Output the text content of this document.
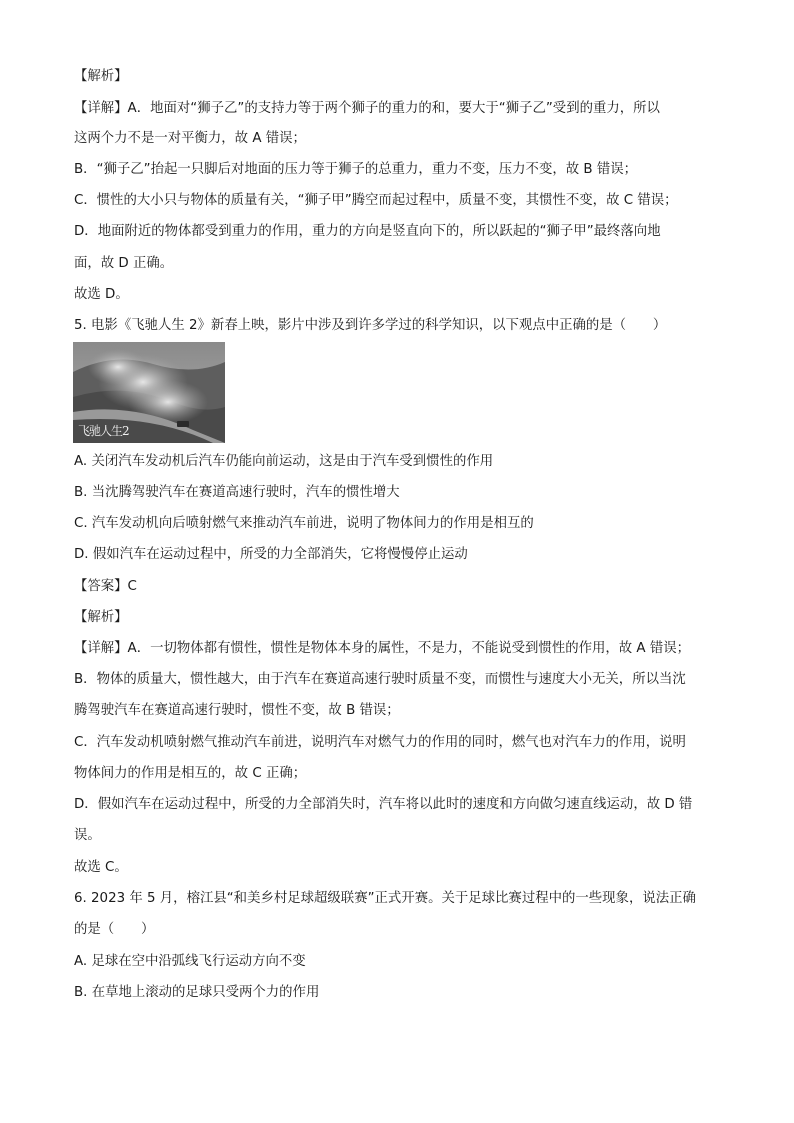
【解析】
【详解】A．地面对“狮子乙”的支持力等于两个狮子的重力的和，要大于“狮子乙”受到的重力，所以
这两个力不是一对平衡力，故 A 错误；
B．“狮子乙”抬起一只脚后对地面的压力等于狮子的总重力，重力不变，压力不变，故 B 错误；
C．惯性的大小只与物体的质量有关，“狮子甲”腾空而起过程中，质量不变，其惯性不变，故 C 错误；
D．地面附近的物体都受到重力的作用，重力的方向是竖直向下的，所以跃起的“狮子甲”最终落向地
面，故 D 正确。
故选 D。
5. 电影《飞驰人生 2》新春上映，影片中涉及到许多学过的科学知识，以下观点中正确的是（　　）
飞驰人生2
A. 关闭汽车发动机后汽车仍能向前运动，这是由于汽车受到惯性的作用
B. 当沈腾驾驶汽车在赛道高速行驶时，汽车的惯性增大
C. 汽车发动机向后喷射燃气来推动汽车前进，说明了物体间力的作用是相互的
D. 假如汽车在运动过程中，所受的力全部消失，它将慢慢停止运动
【答案】C
【解析】
【详解】A．一切物体都有惯性，惯性是物体本身的属性，不是力，不能说受到惯性的作用，故 A 错误；
B．物体的质量大，惯性越大，由于汽车在赛道高速行驶时质量不变，而惯性与速度大小无关，所以当沈
腾驾驶汽车在赛道高速行驶时，惯性不变，故 B 错误；
C．汽车发动机喷射燃气推动汽车前进，说明汽车对燃气力的作用的同时，燃气也对汽车力的作用，说明
物体间力的作用是相互的，故 C 正确；
D．假如汽车在运动过程中，所受的力全部消失时，汽车将以此时的速度和方向做匀速直线运动，故 D 错
误。
故选 C。
6. 2023 年 5 月，榕江县“和美乡村足球超级联赛”正式开赛。关于足球比赛过程中的一些现象，说法正确
的是（　　）
A. 足球在空中沿弧线飞行运动方向不变
B. 在草地上滚动的足球只受两个力的作用
